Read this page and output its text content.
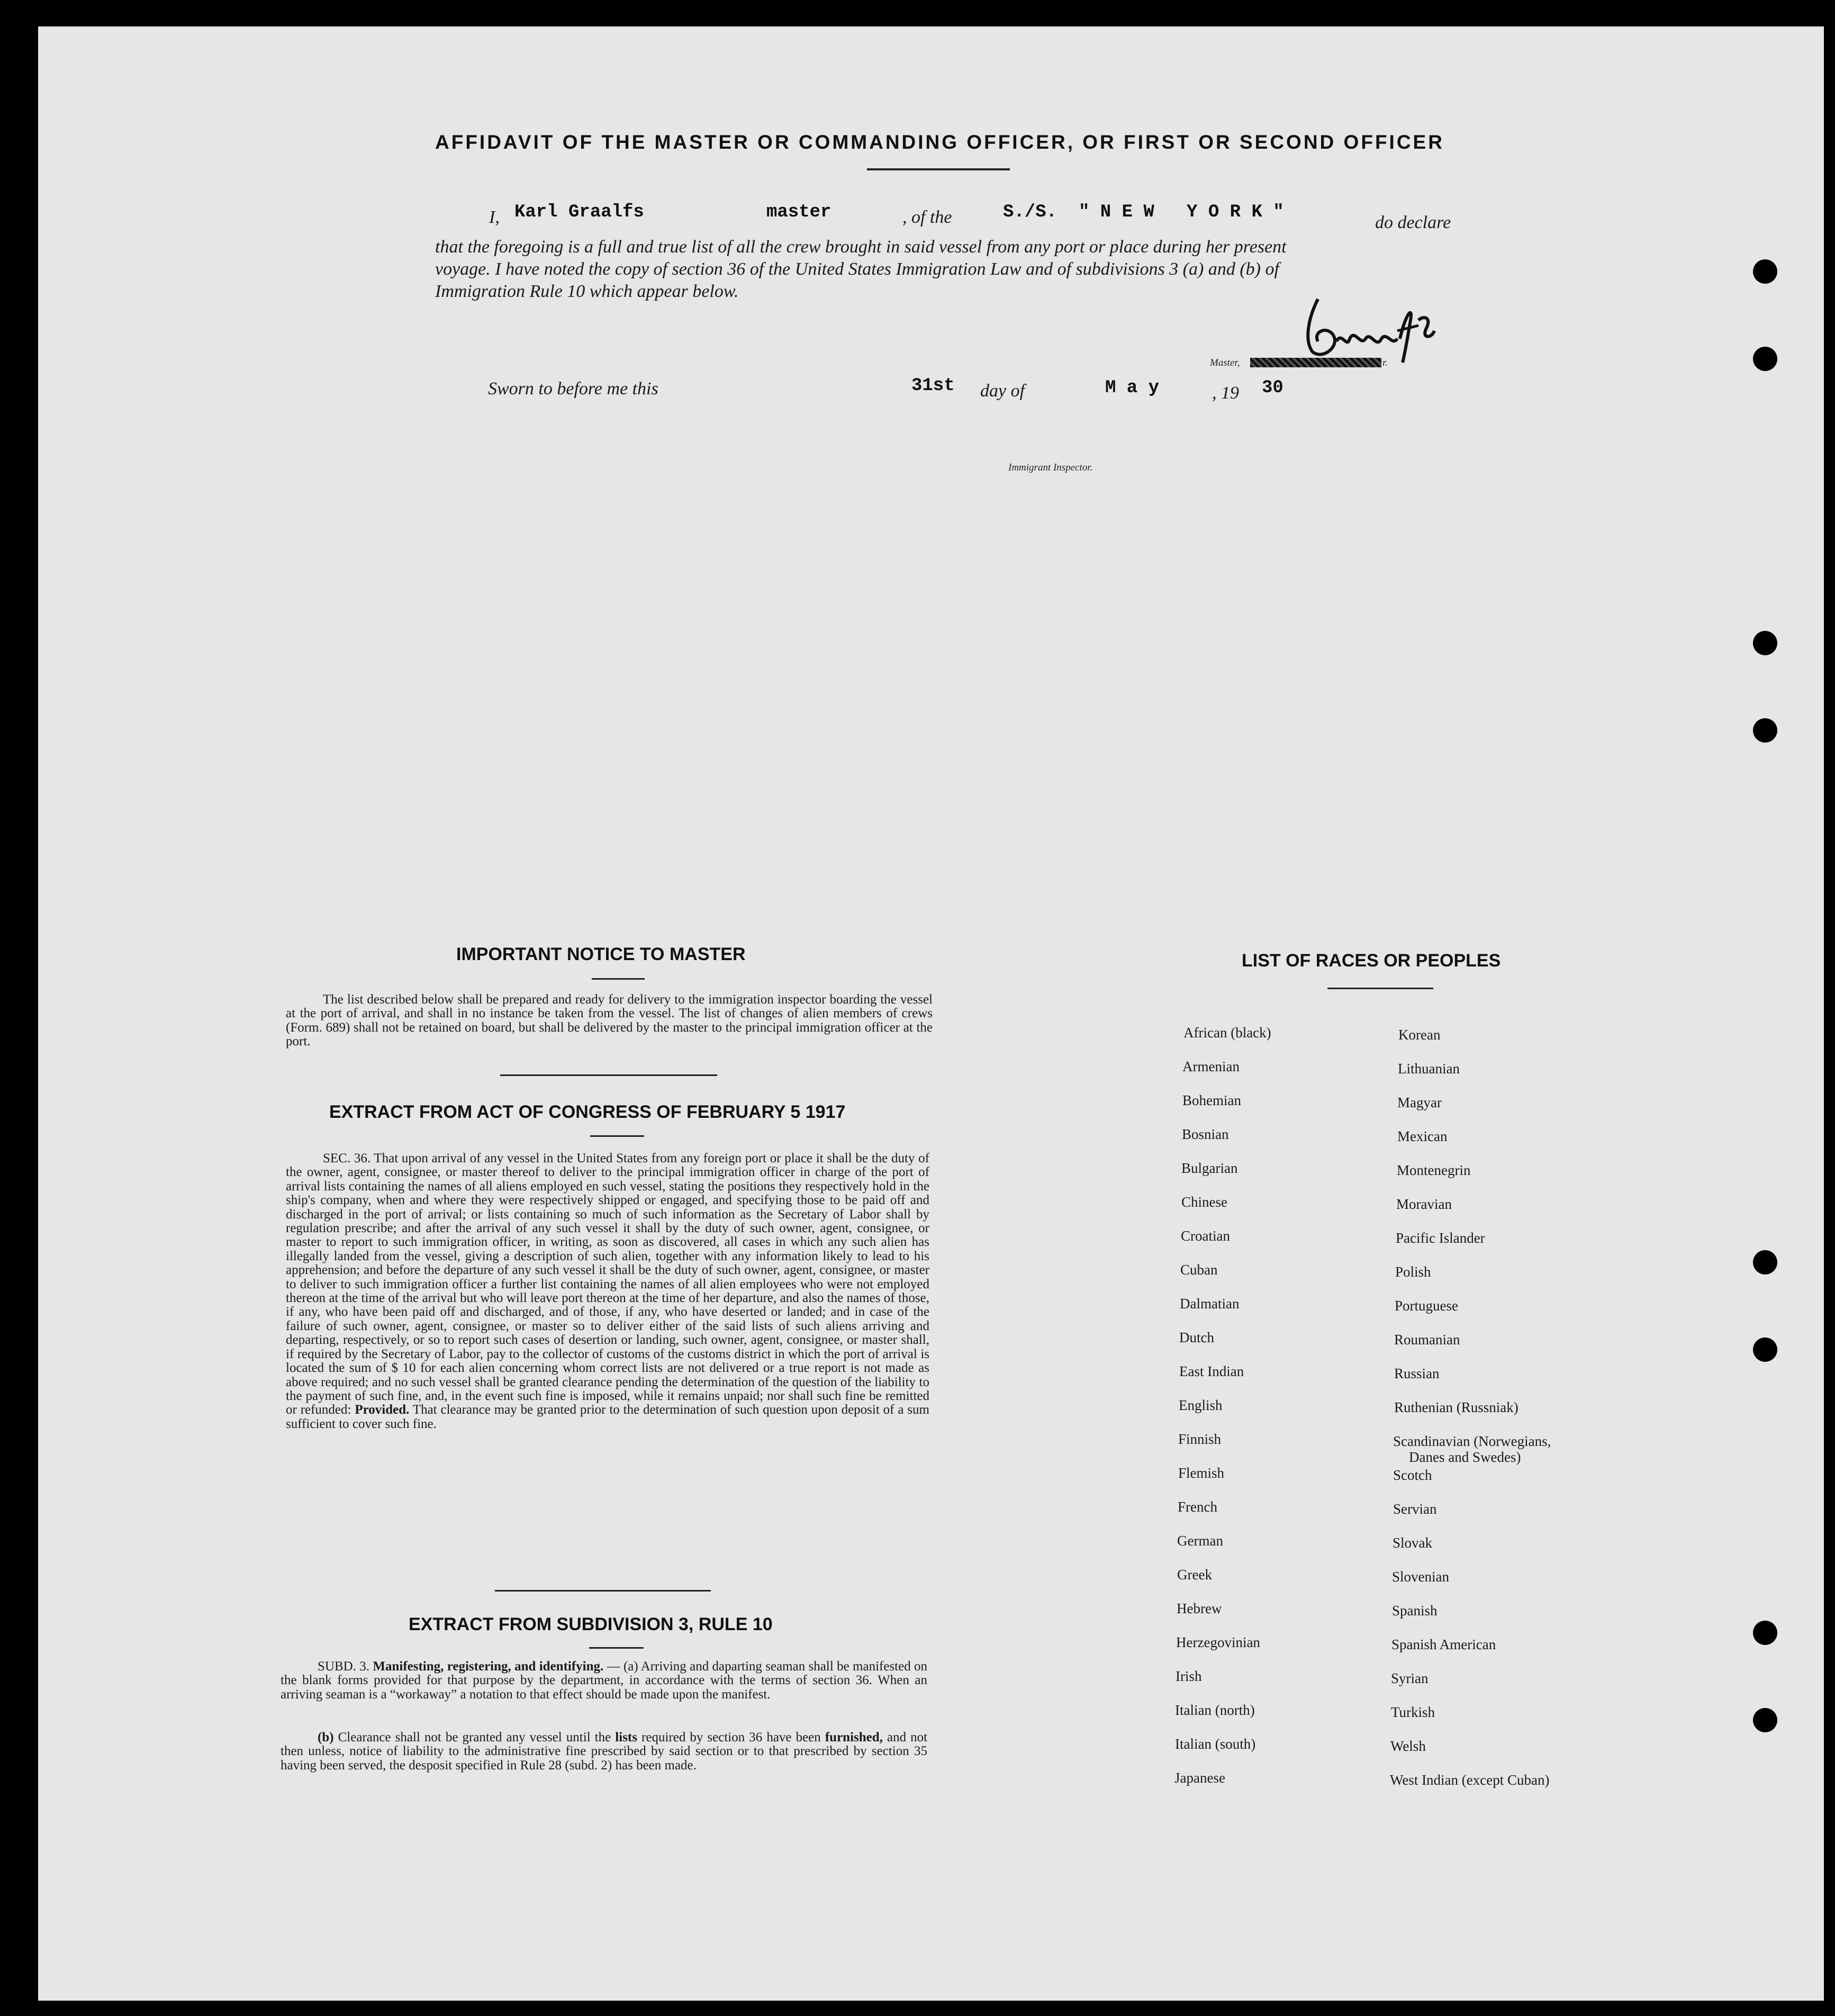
AFFIDAVIT OF THE MASTER OR COMMANDING OFFICER, OR FIRST OR SECOND OFFICER
I, Karl Graalfs	master	, of the	S./S. " N E W   Y O R K "
do declare
that the foregoing is a full and true list of all the crew brought in said vessel from any port or place during her present
voyage. I have noted the copy of section 36 of the United States Immigration Law and of subdivisions 3 (a) and (b) of
Immigration Rule 10 which appear below.
Master,	r.
Sworn to before me this	31st day of	M a y	, 19 30
Immigrant Inspector.
IMPORTANT NOTICE TO MASTER
The list described below shall be prepared and ready for delivery to the immigration inspector boarding the vessel at the port of arrival, and shall in no instance be taken from the vessel. The list of changes of alien members of crews (Form. 689) shall not be retained on board, but shall be delivered by the master to the principal immigration officer at the port.
EXTRACT FROM ACT OF CONGRESS OF FEBRUARY 5 1917
SEC. 36. That upon arrival of any vessel in the United States from any foreign port or place it shall be the duty of the owner, agent, consignee, or master thereof to deliver to the principal immigration officer in charge of the port of arrival lists containing the names of all aliens employed en such vessel, stating the positions they respectively hold in the ship's company, when and where they were respectively shipped or engaged, and specifying those to be paid off and discharged in the port of arrival; or lists containing so much of such information as the Secretary of Labor shall by regulation prescribe; and after the arrival of any such vessel it shall by the duty of such owner, agent, consignee, or master to report to such immigration officer, in writing, as soon as discovered, all cases in which any such alien has illegally landed from the vessel, giving a description of such alien, together with any information likely to lead to his apprehension; and before the departure of any such vessel it shall be the duty of such owner, agent, consignee, or master to deliver to such immigration officer a further list containing the names of all alien employees who were not employed thereon at the time of the arrival but who will leave port thereon at the time of her departure, and also the names of those, if any, who have been paid off and discharged, and of those, if any, who have deserted or landed; and in case of the failure of such owner, agent, consignee, or master so to deliver either of the said lists of such aliens arriving and departing, respectively, or so to report such cases of desertion or landing, such owner, agent, consignee, or master shall, if required by the Secretary of Labor, pay to the collector of customs of the customs district in which the port of arrival is located the sum of $ 10 for each alien concerning whom correct lists are not delivered or a true report is not made as above required; and no such vessel shall be granted clearance pending the determination of the question of the liability to the payment of such fine, and, in the event such fine is imposed, while it remains unpaid; nor shall such fine be remitted or refunded: Provided. That clearance may be granted prior to the determination of such question upon deposit of a sum sufficient to cover such fine.
EXTRACT FROM SUBDIVISION 3, RULE 10
SUBD. 3. Manifesting, registering, and identifying. — (a) Arriving and daparting seaman shall be manifested on the blank forms provided for that purpose by the department, in accordance with the terms of section 36. When an arriving seaman is a “workaway” a notation to that effect should be made upon the manifest.
(b) Clearance shall not be granted any vessel until the lists required by section 36 have been furnished, and not then unless, notice of liability to the administrative fine prescribed by said section or to that prescribed by section 35 having been served, the desposit specified in Rule 28 (subd. 2) has been made.
LIST OF RACES OR PEOPLES
African (black)
Armenian
Bohemian
Bosnian
Bulgarian
Chinese
Croatian
Cuban
Dalmatian
Dutch
East Indian
English
Finnish
Flemish
French
German
Greek
Hebrew
Herzegovinian
Irish
Italian (north)
Italian (south)
Japanese
Korean
Lithuanian
Magyar
Mexican
Montenegrin
Moravian
Pacific Islander
Polish
Portuguese
Roumanian
Russian
Ruthenian (Russniak)
Scandinavian (Norwegians,
Danes and Swedes)
Scotch
Servian
Slovak
Slovenian
Spanish
Spanish American
Syrian
Turkish
Welsh
West Indian (except Cuban)
